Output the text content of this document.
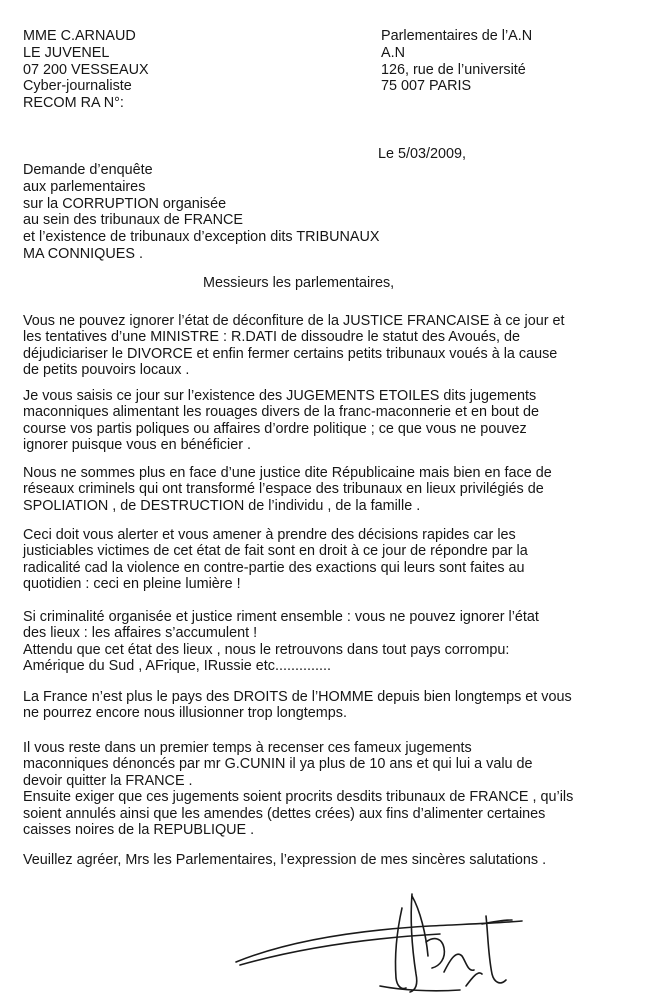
MME C.ARNAUD
LE JUVENEL
07 200 VESSEAUX
Cyber-journaliste
RECOM RA N°:
Parlementaires de l’A.N
A.N
126, rue de l’université
75 007 PARIS
Le 5/03/2009,
Demande d’enquête
aux parlementaires
sur la CORRUPTION organisée
au sein des tribunaux de FRANCE
et l’existence de tribunaux d’exception dits TRIBUNAUX
MA CONNIQUES .
Messieurs les parlementaires,
Vous ne pouvez ignorer l’état de déconfiture de la JUSTICE FRANCAISE à ce jour et
les tentatives d’une MINISTRE : R.DATI de dissoudre le statut des Avoués, de
déjudiciariser le DIVORCE et enfin fermer certains petits tribunaux voués à la cause
de petits pouvoirs locaux .
Je vous saisis ce jour sur l’existence des JUGEMENTS ETOILES dits jugements
maconniques alimentant les rouages divers de la franc-maconnerie et en bout de
course vos partis poliques ou affaires d’ordre politique ; ce que vous ne pouvez
ignorer puisque vous en bénéficier .
Nous ne sommes plus en face d’une justice dite Républicaine mais bien en face de
réseaux criminels qui ont transformé l’espace des tribunaux en lieux privilégiés de
SPOLIATION , de DESTRUCTION de l’individu , de la famille .
Ceci doit vous alerter et vous amener à prendre des décisions rapides car les
justiciables victimes de cet état de fait sont en droit à ce jour de répondre par la
radicalité cad la violence en contre-partie des exactions qui leurs sont faites au
quotidien : ceci en pleine lumière !
Si criminalité organisée et justice riment ensemble : vous ne pouvez ignorer l’état
des lieux : les affaires s’accumulent !
Attendu que cet état des lieux , nous le retrouvons dans tout pays corrompu:
Amérique du Sud , AFrique, IRussie etc..............
La France n’est plus le pays des DROITS de l’HOMME depuis bien longtemps et vous
ne pourrez encore nous illusionner trop longtemps.
Il vous reste dans un premier temps à recenser ces fameux jugements
maconniques dénoncés par mr G.CUNIN il ya plus de 10 ans et qui lui a valu de
devoir quitter la FRANCE .
Ensuite exiger que ces jugements soient procrits desdits tribunaux de FRANCE , qu’ils
soient annulés ainsi que les amendes (dettes crées) aux fins d’alimenter certaines
caisses noires de la REPUBLIQUE .
Veuillez agréer, Mrs les Parlementaires, l’expression de mes sincères salutations .
